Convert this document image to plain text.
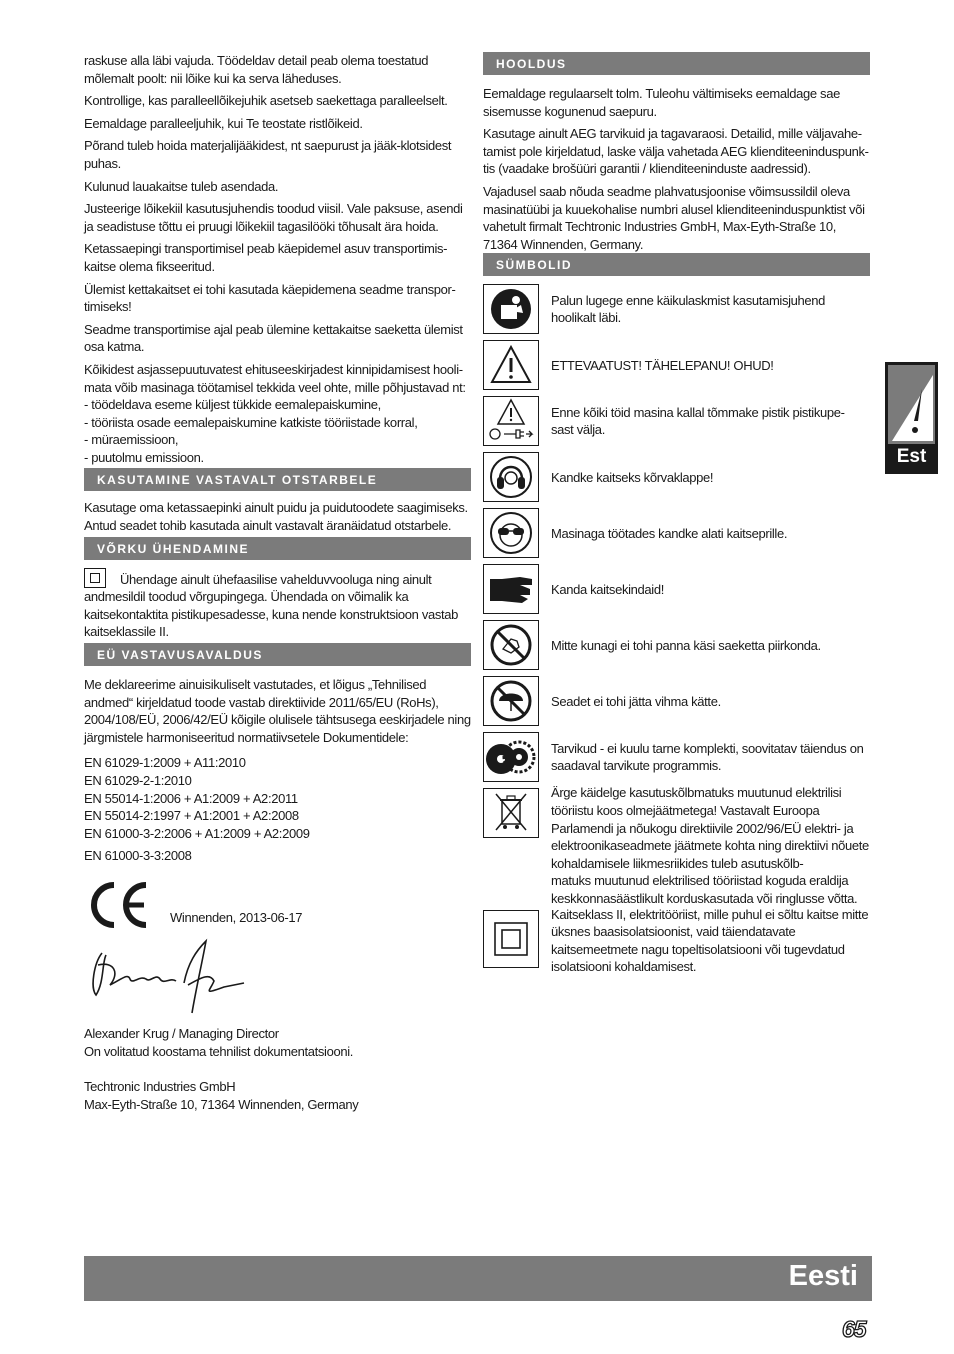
raskuse alla läbi vajuda. Töödeldav detail peab olema toestatud mõlemalt poolt: nii lõike kui ka serva läheduses.

Kontrollige, kas paralleellõikejuhik asetseb saekettaga paralleelselt.

Eemaldage paralleeljuhik, kui Te teostate ristlõikeid.

Põrand tuleb hoida materjalijääkidest, nt saepurust ja jääk-klotsidest puhas.

Kulunud lauakaitse tuleb asendada.

Justeerige lõikekiil kasutusjuhendis toodud viisil. Vale paksuse, asendi ja seadistuse tõttu ei pruugi lõikekiil tagasilööki tõhusalt ära hoida.

Ketassaepingi transportimisel peab käepidemel asuv transportimis-
kaitse olema fikseeritud.

Ülemist kettakaitset ei tohi kasutada käepidemena seadme transpor-
timiseks!

Seadme transportimise ajal peab ülemine kettakaitse saeketta ülemist osa katma.

Kõikidest asjassepuutuvatest ehituseeskirjadest kinnipidamisest hooli-
mata võib masinaga töötamisel tekkida veel ohte, mille põhjustavad nt:
- töödeldava eseme küljest tükkide eemalepaiskumine,
- tööriista osade eemalepaiskumine katkiste tööriistade korral,
- müraemissioon,
- puutolmu emissioon.

KASUTAMINE VASTAVALT OTSTARBELE

Kasutage oma ketassaepinki ainult puidu ja puidutoodete saagimiseks. Antud seadet tohib kasutada ainult vastavalt äranäidatud otstarbele.

VÕRKU ÜHENDAMINE

Ühendage ainult ühefaasilise vahelduvvooluga ning ainult andmesildil toodud võrgupingega. Ühendada on võimalik ka kaitsekontaktita pistikupesadesse, kuna nende konstruktsioon vastab kaitseklassile II.

EÜ VASTAVUSAVALDUS

Me deklareerime ainuisikuliselt vastutades, et lõigus „Tehnilised andmed“ kirjeldatud toode vastab direktiivide 2011/65/EU (RoHs), 2004/108/EÜ, 2006/42/EÜ kõigile olulisele tähtsusega eeskirjadele ning järgmistele harmoniseeritud normatiivsetele Dokumentidele:

EN 61029-1:2009 + A11:2010
EN 61029-2-1:2010
EN 55014-1:2006 + A1:2009 + A2:2011
EN 55014-2:1997 + A1:2001 + A2:2008
EN 61000-3-2:2006 + A1:2009 + A2:2009

EN 61000-3-3:2008

Winnenden, 2013-06-17

Alexander Krug / Managing Director
On volitatud koostama tehnilist dokumentatsiooni.

Techtronic Industries GmbH
Max-Eyth-Straße 10, 71364 Winnenden, Germany

HOOLDUS

Eemaldage regulaarselt tolm. Tuleohu vältimiseks eemaldage sae sisemusse kogunenud saepuru.

Kasutage ainult AEG tarvikuid ja tagavaraosi. Detailid, mille väljavahe-
tamist pole kirjeldatud, laske välja vahetada AEG klienditeeninduspunk-
tis (vaadake brošüüri garantii / klienditeeninduste aadressid).

Vajadusel saab nõuda seadme plahvatusjoonise võimsussildil oleva masinatüübi ja kuuekohalise numbri alusel klienditeeninduspunktist või vahetult firmalt Techtronic Industries GmbH, Max-Eyth-Straße 10, 71364 Winnenden, Germany.

SÜMBOLID
Palun lugege enne käikulaskmist kasutamisjuhend hoolikalt läbi.
ETTEVAATUST! TÄHELEPANU! OHUD!
Enne kõiki töid masina kallal tõmmake pistik pistikupe-
sast välja.
Kandke kaitseks kõrvaklappe!
Masinaga töötades kandke alati kaitseprille.
Kanda kaitsekindaid!
Mitte kunagi ei tohi panna käsi saeketta piirkonda.
Seadet ei tohi jätta vihma kätte.
Tarvikud - ei kuulu tarne komplekti, soovitatav täiendus on saadaval tarvikute programmis.
Ärge käidelge kasutuskõlbmatuks muutunud elektrilisi tööriistu koos olmejäätmetega! Vastavalt Euroopa Parlamendi ja nõukogu direktiivile 2002/96/EÜ elektri- ja elektroonikaseadmete jäätmete kohta ning direktiivi nõuete kohaldamisele liikmesriikides tuleb asutuskõlb-
matuks muutunud elektrilised tööriistad koguda eraldija keskkonnasäästlikult korduskasutada või ringlusse võtta.
Kaitseklass II, elektritööriist, mille puhul ei sõltu kaitse mitte üksnes baasisolatsioonist, vaid täiendatavate kaitsemeetmete nagu topeltisolatsiooni või tugevdatud isolatsiooni kohaldamisest.
Est
Eesti
65
